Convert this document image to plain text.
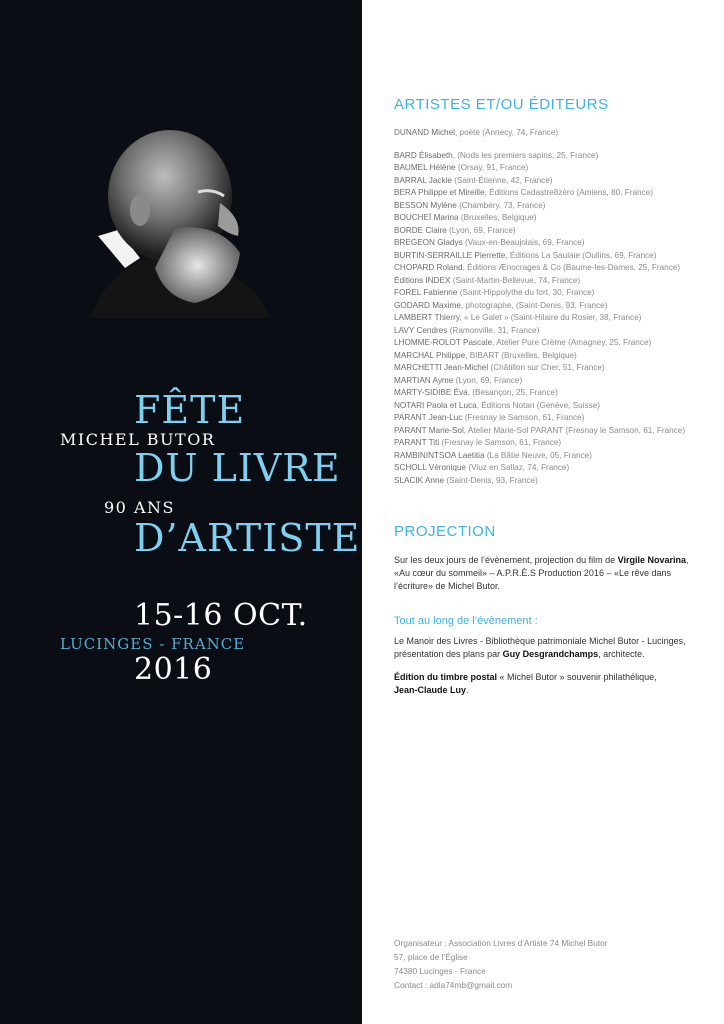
FÊTE
MICHEL BUTOR
DU LIVRE
90 ANS
D’ARTISTE
15-16 OCT.
LUCINGES - FRANCE
2016
ARTISTES ET/OU ÉDITEURS
DUNAND Michel, poète (Annecy, 74, France)
BARD Élisabeth, (Nods les premiers sapins, 25, France)
BAUMEL Hélène (Orsay, 91, France)
BARRAL Jackie (Saint-Étienne, 42, France)
BERA Philippe et Mireille, Éditions Cadastre8zéro (Amiens, 80, France)
BESSON Mylène (Chambéry, 73, France)
BOUCHEÏ Marina (Bruxelles, Belgique)
BORDE Claire (Lyon, 69, France)
BREGEON Gladys (Vaux-en-Beaujolais, 69, France)
BURTIN-SERRAILLE Pierrette, Éditions La Saulaie (Oullins, 69, France)
CHOPARD Roland, Éditions Ænocrages & Co (Baume-les-Dames, 25, France)
Éditions INDEX (Saint-Martin-Bellevue, 74, France)
FOREL Fabienne (Saint-Hippolythe du fort, 30, France)
GODARD Maxime, photographe, (Saint-Denis, 93, France)
LAMBERT Thierry, « Le Galet » (Saint-Hilaire du Rosier, 38, France)
LAVY Cendres (Ramonville, 31, France)
LHOMME-ROLOT Pascale, Atelier Pure Crème (Amagney, 25, France)
MARCHAL Philippe, BIBART (Bruxelles, Belgique)
MARCHETTI Jean-Michel (Châtillon sur Cher, 51, France)
MARTIAN Ayme (Lyon, 69, France)
MARTY-SIDIBE Éva, (Besançon, 25, France)
NOTARI Paola et Luca, Éditions Notari (Genève, Suisse)
PARANT Jean-Luc (Fresnay le Samson, 61, France)
PARANT Marie-Sol, Atelier Marie-Sol PARANT (Fresnay le Samson, 61, France)
PARANT Titi (Fresnay le Samson, 61, France)
RAMBININTSOA Laetitia (La Bâtie Neuve, 05, France)
SCHOLL Véronique (Viuz en Sallaz, 74, France)
SLACIK Anne (Saint-Denis, 93, France)
PROJECTION

Sur les deux jours de l’évènement, projection du film de Virgile Novarina, «Au cœur du sommeil» – A.P.R.È.S Production 2016 – «Le rêve dans l’écriture» de Michel Butor.

Tout au long de l’évènement :

Le Manoir des Livres - Bibliothèque patrimoniale Michel Butor - Lucinges, présentation des plans par Guy Desgrandchamps, architecte.

Édition du timbre postal « Michel Butor » souvenir philathélique,
Jean-Claude Luy.

Organisateur : Association Livres d’Artiste 74 Michel Butor
57, place de l’Église
74380 Lucinges - France
Contact : adla74mb@gmail.com
